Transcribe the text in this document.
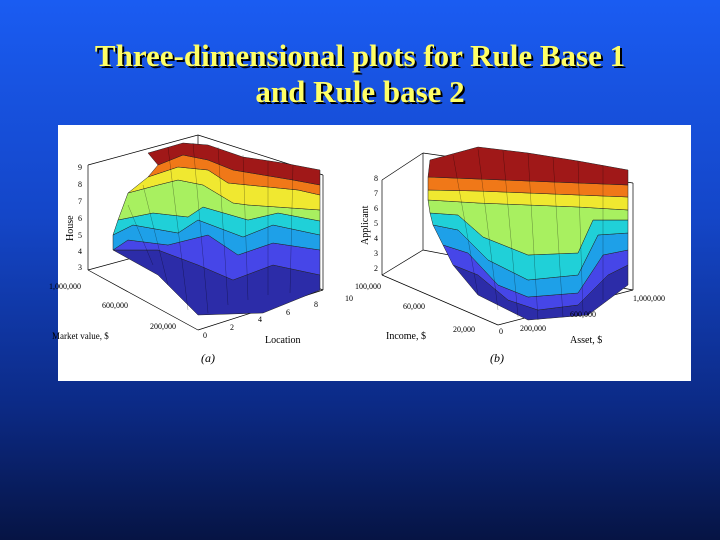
Three-dimensional plots for Rule Base 1
and Rule base 2
9
8
7
6
5
4
3
House
1,000,000
600,000
200,000
Market value, $	0
2
4
6
8
10
Location
(a)
8
7
6
5
4
3
2
Applicant
100,000
60,000
20,000
Income, $	0 200,000
600,000
1,000,000
Asset, $
(b)
